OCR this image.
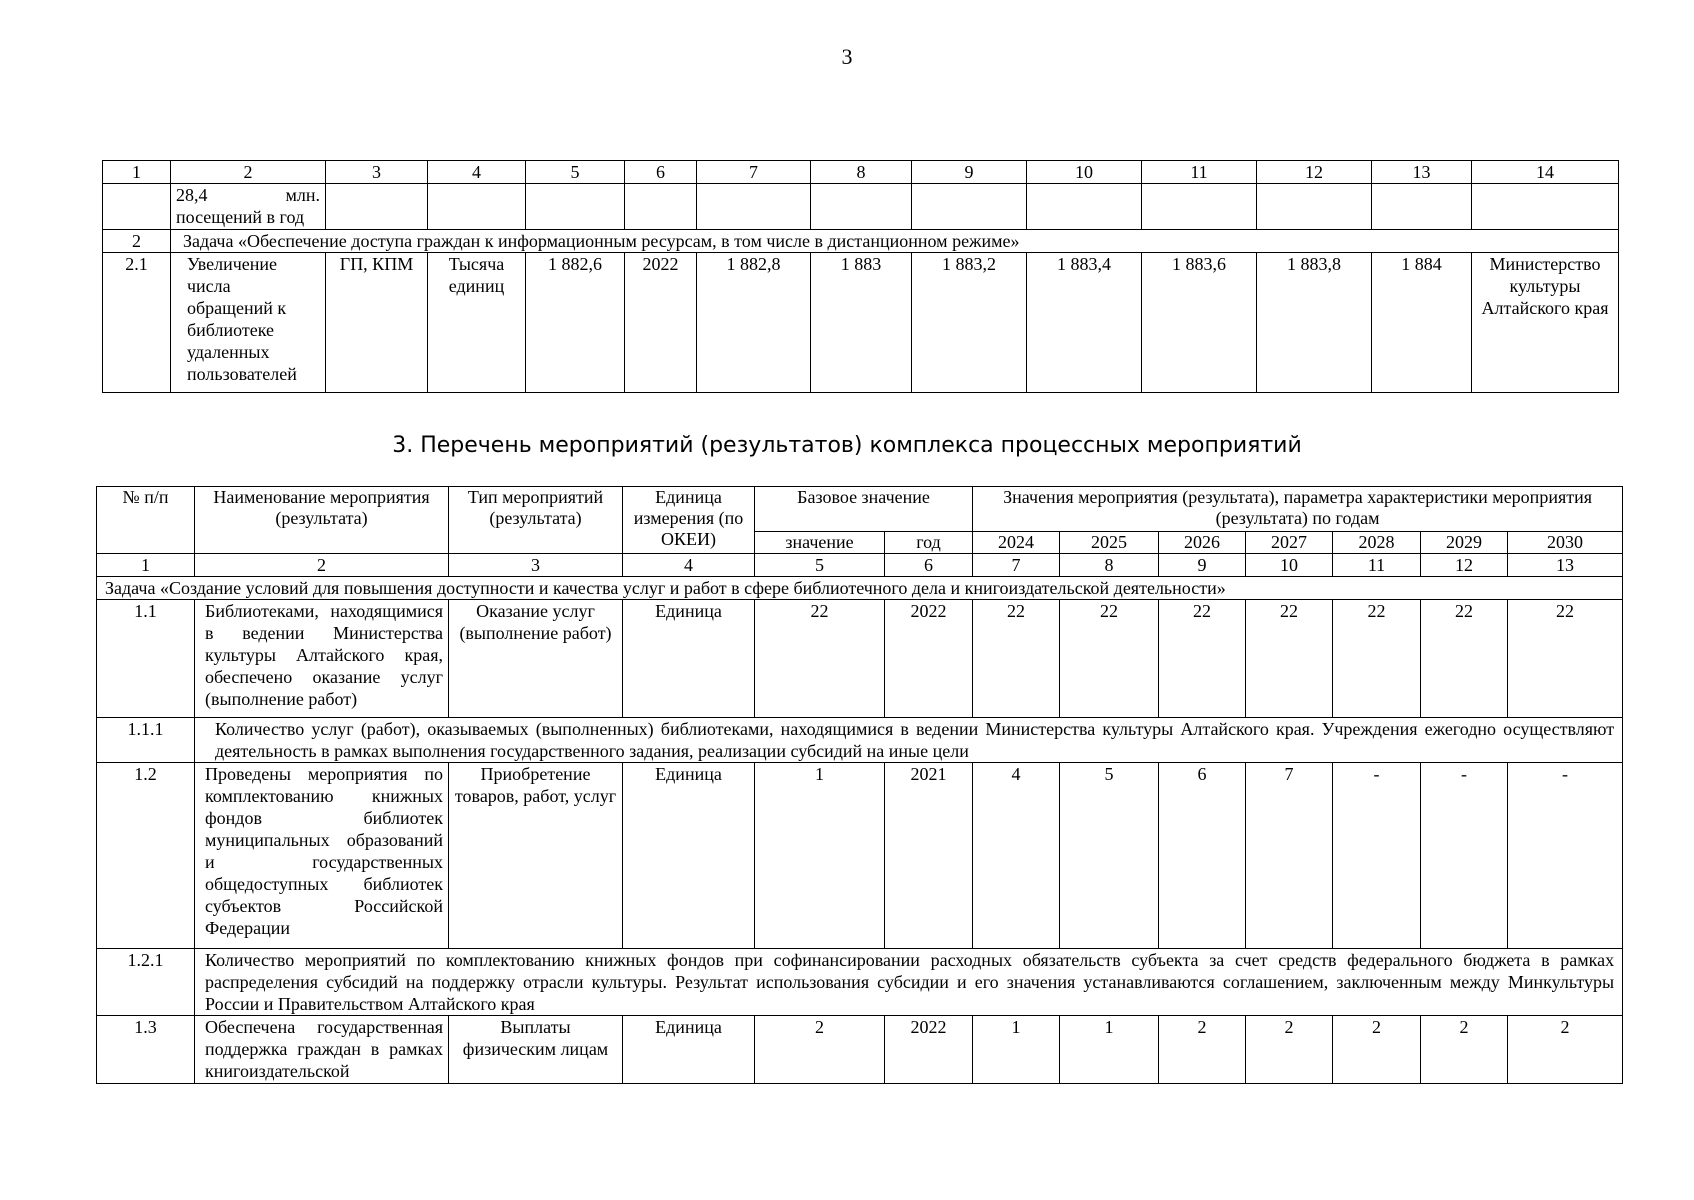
3
1	2	3	4	5	6	7	8	9	10	11	12	13	14
	28,4 млн. посещений в год												
2	Задача «Обеспечение доступа граждан к информационным ресурсам, в том числе в дистанционном режиме»												
2.1	Увеличение числа обращений к библиотеке удаленных пользователей	ГП, КПМ	Тысяча единиц	1 882,6	2022	1 882,8	1 883	1 883,2	1 883,4	1 883,6	1 883,8	1 884	Министерство культуры Алтайского края
3. Перечень мероприятий (результатов) комплекса процессных мероприятий
№ п/п	Наименование мероприятия (результата)	Тип мероприятий (результата)	Единица измерения (по ОКЕИ)	Базовое значение		Значения мероприятия (результата), параметра характеристики мероприятия (результата) по годам						
				значение	год	2024	2025	2026	2027	2028	2029	2030
1	2	3	4	5	6	7	8	9	10	11	12	13
Задача «Создание условий для повышения доступности и качества услуг и работ в сфере библиотечного дела и книгоиздательской деятельности»												
1.1	Библиотеками, находящимися в ведении Министерства культуры Алтайского края, обеспечено оказание услуг (выполнение работ)	Оказание услуг (выполнение работ)	Единица	22	2022	22	22	22	22	22	22	22
1.1.1	Количество услуг (работ), оказываемых (выполненных) библиотеками, находящимися в ведении Министерства культуры Алтайского края. Учреждения ежегодно осуществляют деятельность в рамках выполнения государственного задания, реализации субсидий на иные цели											
1.2	Проведены мероприятия по комплектованию книжных фондов библиотек муниципальных образований и государственных общедоступных библиотек субъектов Российской Федерации	Приобретение товаров, работ, услуг	Единица	1	2021	4	5	6	7	-	-	-
1.2.1	Количество мероприятий по комплектованию книжных фондов при софинансировании расходных обязательств субъекта за счет средств федерального бюджета в рамках распределения субсидий на поддержку отрасли культуры. Результат использования субсидии и его значения устанавливаются соглашением, заключенным между Минкультуры России и Правительством Алтайского края											
1.3	Обеспечена государственная поддержка граждан в рамках книгоиздательской	Выплаты физическим лицам	Единица	2	2022	1	1	2	2	2	2	2
